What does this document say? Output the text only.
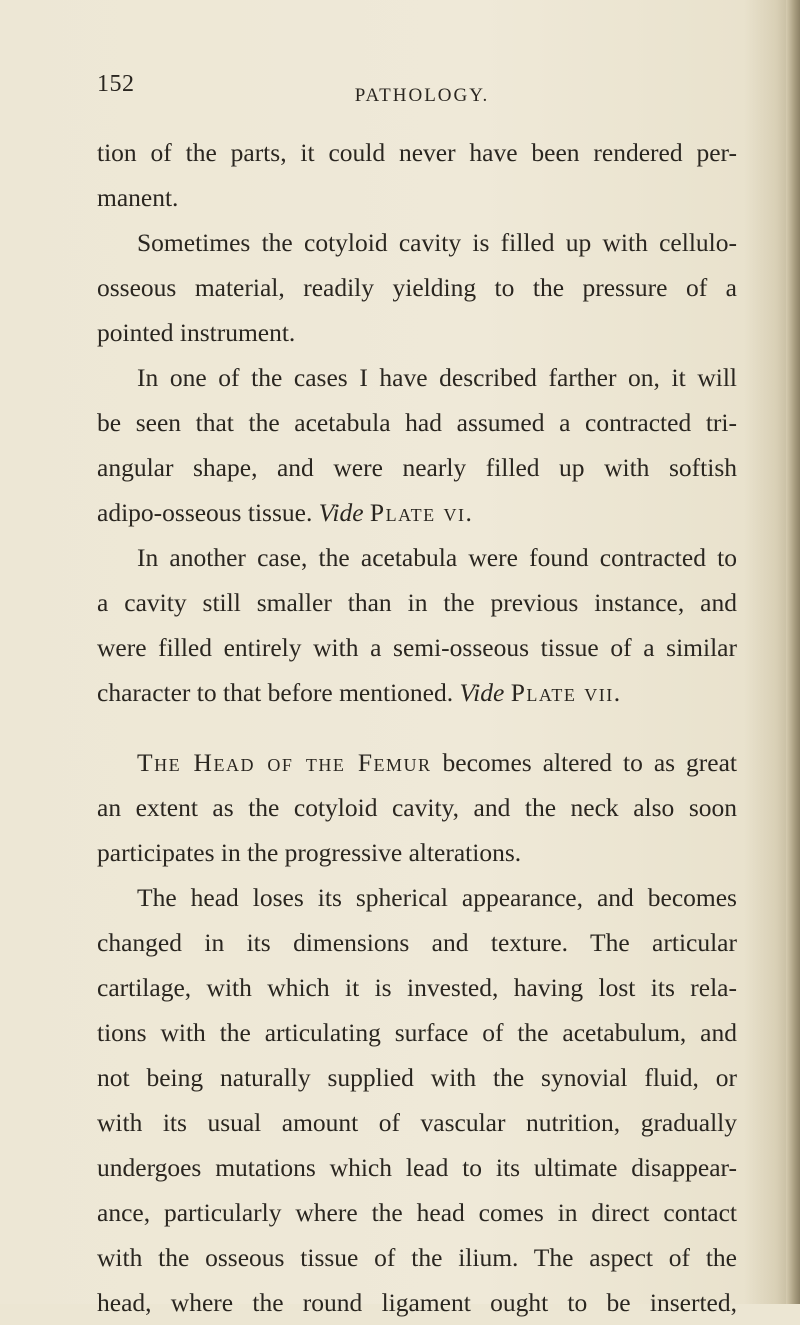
152	PATHOLOGY.
tion of the parts, it could never have been rendered per-
manent.
Sometimes the cotyloid cavity is filled up with cellulo-
osseous material, readily yielding to the pressure of a
pointed instrument.
In one of the cases I have described farther on, it will
be seen that the acetabula had assumed a contracted tri-
angular shape, and were nearly filled up with softish
adipo-osseous tissue. Vide Plate vi.
In another case, the acetabula were found contracted to
a cavity still smaller than in the previous instance, and
were filled entirely with a semi-osseous tissue of a similar
character to that before mentioned. Vide Plate vii.
The Head of the Femur becomes altered to as great
an extent as the cotyloid cavity, and the neck also soon
participates in the progressive alterations.
The head loses its spherical appearance, and becomes
changed in its dimensions and texture. The articular
cartilage, with which it is invested, having lost its rela-
tions with the articulating surface of the acetabulum, and
not being naturally supplied with the synovial fluid, or
with its usual amount of vascular nutrition, gradually
undergoes mutations which lead to its ultimate disappear-
ance, particularly where the head comes in direct contact
with the osseous tissue of the ilium. The aspect of the
head, where the round ligament ought to be inserted,
